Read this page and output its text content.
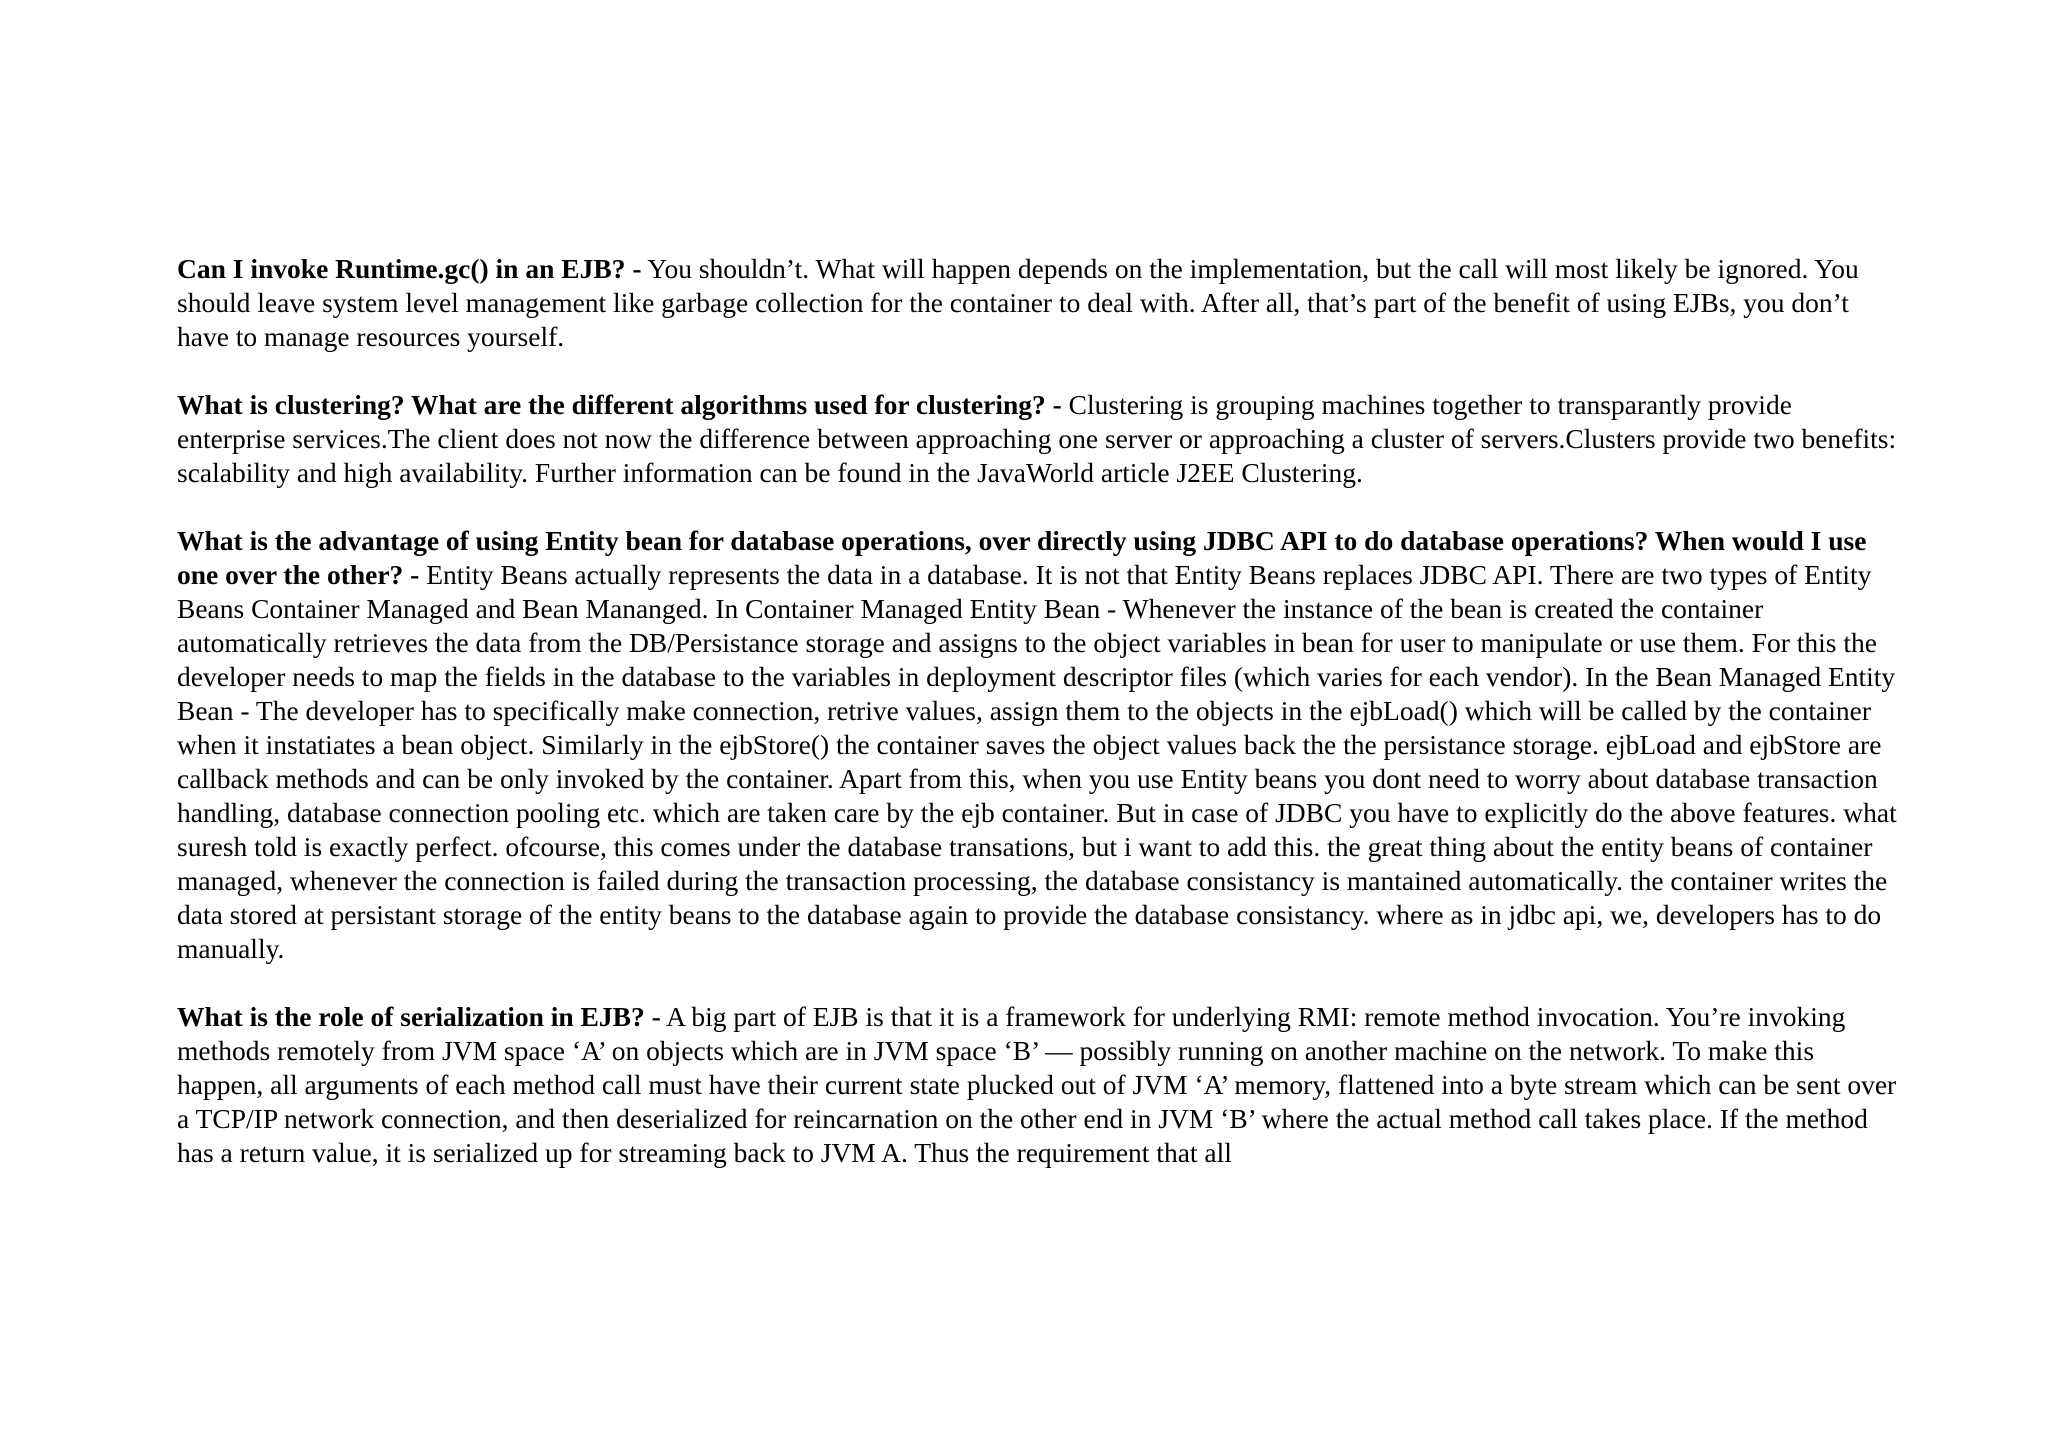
Can I invoke Runtime.gc() in an EJB? - You shouldn’t. What will happen depends on the implementation, but the call will most likely be ignored. You should leave system level management like garbage collection for the container to deal with. After all, that’s part of the benefit of using EJBs, you don’t have to manage resources yourself.

What is clustering? What are the different algorithms used for clustering? - Clustering is grouping machines together to transparantly provide enterprise services.The client does not now the difference between approaching one server or approaching a cluster of servers.Clusters provide two benefits: scalability and high availability. Further information can be found in the JavaWorld article J2EE Clustering.

What is the advantage of using Entity bean for database operations, over directly using JDBC API to do database operations? When would I use one over the other? - Entity Beans actually represents the data in a database. It is not that Entity Beans replaces JDBC API. There are two types of Entity Beans Container Managed and Bean Mananged. In Container Managed Entity Bean - Whenever the instance of the bean is created the container automatically retrieves the data from the DB/Persistance storage and assigns to the object variables in bean for user to manipulate or use them. For this the developer needs to map the fields in the database to the variables in deployment descriptor files (which varies for each vendor). In the Bean Managed Entity Bean - The developer has to specifically make connection, retrive values, assign them to the objects in the ejbLoad() which will be called by the container when it instatiates a bean object. Similarly in the ejbStore() the container saves the object values back the the persistance storage. ejbLoad and ejbStore are callback methods and can be only invoked by the container. Apart from this, when you use Entity beans you dont need to worry about database transaction handling, database connection pooling etc. which are taken care by the ejb container. But in case of JDBC you have to explicitly do the above features. what suresh told is exactly perfect. ofcourse, this comes under the database transations, but i want to add this. the great thing about the entity beans of container managed, whenever the connection is failed during the transaction processing, the database consistancy is mantained automatically. the container writes the data stored at persistant storage of the entity beans to the database again to provide the database consistancy. where as in jdbc api, we, developers has to do manually.

What is the role of serialization in EJB? - A big part of EJB is that it is a framework for underlying RMI: remote method invocation. You’re invoking methods remotely from JVM space ‘A’ on objects which are in JVM space ‘B’ — possibly running on another machine on the network. To make this happen, all arguments of each method call must have their current state plucked out of JVM ‘A’ memory, flattened into a byte stream which can be sent over a TCP/IP network connection, and then deserialized for reincarnation on the other end in JVM ‘B’ where the actual method call takes place. If the method has a return value, it is serialized up for streaming back to JVM A. Thus the requirement that all
